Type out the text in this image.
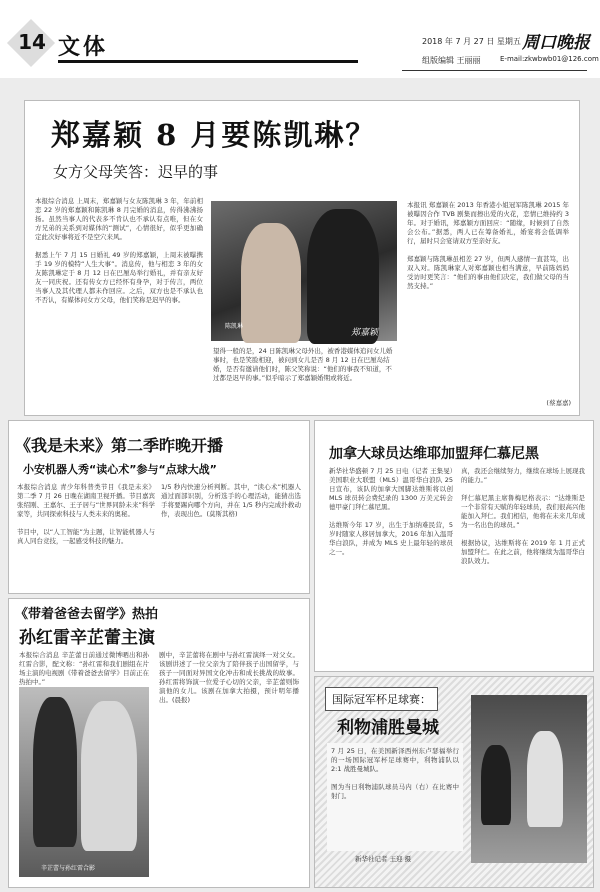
14 文体	2018 年 7 月 27 日 星期五 周口晚报
组版编辑 王丽丽	E-mail:zkwbwb01@126.com
郑嘉颖 8 月要陈凯琳？
女方父母笑答：迟早的事
本报综合消息 上周末，郑嘉颖与女友陈凯琳 3 年，年前相恋 22 岁的郑嘉颖和陈凯琳 8 月完婚的消息，传得沸沸扬扬。虽然当事人的代表多不肯认也不承认有点唯，但在女方兄弟的关系到对媒体的“测试”，心情很好，似乎更加确定此次好事将近不是空穴来风。

据悉上午 7 月 15 日婚礼 49 岁的郑嘉颖，上周末被曝携手 19 岁的模特“人生大事”。消息传，他与相恋 3 年的女友陈凯琳定于 8 月 12 日在巴厘岛举行婚礼，并有亲友好友一同庆祝。还有传女方已经怀有身孕，对于传言，两位当事人及其代理人都未作回应。之后，双方也是不承认也不否认，有媒体问女方父母，他们笑称是迟早的事。
陈凯琳
郑嘉颖
望得一般的是，24 日陈凯琳父母外出，被香港媒体追问女儿婚事时，也是笑脸相迎，被问到女儿是否 8 月 12 日在巴厘岛结婚，是否有邀请他们时，陈父笑称说：“他们的事我不知道，不过都是迟早的事。”似乎暗示了郑嘉颖婚期或将近。
本报讯 郑嘉颖在 2013 年香港小姐冠军陈凯琳 2015 年被曝因合作 TVB 剧集而擦出爱的火花，恋情已维持约 3 年。对于婚讯，郑嘉颖方面回应：“随缘，时候到了自然会公布。”据悉，两人已在筹备婚礼，婚宴将会低调举行，届时只会宴请双方至亲好友。

郑嘉颖与陈凯琳虽相差 27 岁，但两人感情一直甚笃，出双入对。陈凯琳家人对郑嘉颖也相当满意，早前陈妈妈受访时更笑言：“他们的事由他们决定，我们做父母的当然支持。”
(蔡嘉嘉)
《我是未来》第二季昨晚开播
小安机器人秀“读心术”参与“点球大战”
本报综合消息 青少年科普类节目《我是未来》第二季 7 月 26 日晚在湖南卫视开播。节目嘉宾张绍刚、王嘉尔、王子居与“世界同龄未来”科学家等，共同探索科技与人类未来的奥秘。

节目中，以“人工智能”为主题，让智能机器人与真人同台竞技，一起感受科技的魅力。
1/5 秒内快速分析判断。其中，“读心术”机器人通过面部识别，分析选手的心理活动，能猜出选手将要踢向哪个方向，并在 1/5 秒内完成扑救动作，表现出色。(莫斯其格)
加拿大球员达维耶加盟拜仁慕尼黑
新华社华盛顿 7 月 25 日电（记者 王集旻）美国职业大联盟（MLS）温哥华白浪队 25 日宣布，该队的加拿大国脚达维斯将以创 MLS 球员转会费纪录的 1300 万美元转会德甲豪门拜仁慕尼黑。

达维斯今年 17 岁，出生于加纳难民营，5 岁时随家人移居加拿大，2016 年加入温哥华白浪队，并成为 MLS 史上最年轻的球员之一。
真，我还会继续努力，继续在球场上展现我的能力。”

拜仁慕尼黑主席鲁梅尼格表示：“达维斯是一个非常有天赋的年轻球员，我们很高兴他能加入拜仁。我们相信，他将在未来几年成为一名出色的球员。”

根据协议，达维斯将在 2019 年 1 月正式加盟拜仁。在此之前，他将继续为温哥华白浪队效力。
《带着爸爸去留学》热拍
孙红雷辛芷蕾主演
本报综合消息 辛芷蕾日前通过微博晒出和孙红雷合影，配文称：“孙红雷和我们剧组在片场主演的电视剧《带着爸爸去留学》目前正在热拍中。”
辛芷蕾与孙红雷合影
剧中，辛芷蕾将在剧中与孙红雷演绎一对父女。该剧讲述了一位父亲为了陪伴孩子出国留学，与孩子一同面对异国文化冲击和成长挑战的故事。孙红雷将饰演一位爱子心切的父亲，辛芷蕾则饰演他的女儿。该剧在加拿大拍摄，预计明年播出。(晨报)	国际冠军杯足球赛：
利物浦胜曼城
7 月 25 日，在美国新泽西州东卢瑟福举行的一场国际冠军杯足球赛中，利物浦队以 2:1 战胜曼城队。

图为当日利物浦队球员马内（右）在比赛中射门。
新华社记者 王迎 摄
